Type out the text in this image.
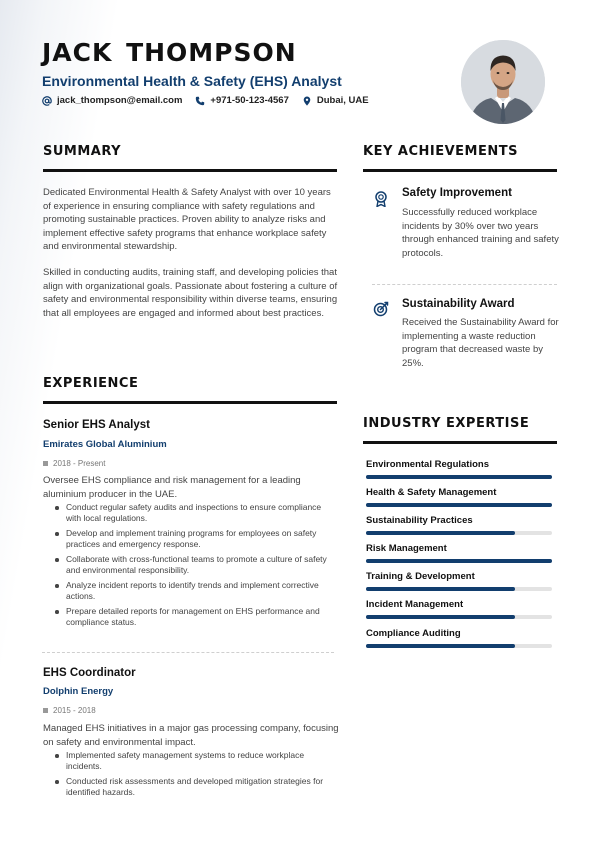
JACK THOMPSON
Environmental Health & Safety (EHS) Analyst
jack_thompson@email.com	+971-50-123-4567	Dubai, UAE
SUMMARY
Dedicated Environmental Health & Safety Analyst with over 10 years of experience in ensuring compliance with safety regulations and promoting sustainable practices. Proven ability to analyze risks and implement effective safety programs that enhance workplace safety and environmental stewardship.
Skilled in conducting audits, training staff, and developing policies that align with organizational goals. Passionate about fostering a culture of safety and environmental responsibility within diverse teams, ensuring that all employees are engaged and informed about best practices.
EXPERIENCE
Senior EHS Analyst
Emirates Global Aluminium
2018 - Present
Oversee EHS compliance and risk management for a leading aluminium producer in the UAE.
Conduct regular safety audits and inspections to ensure compliance with local regulations.
Develop and implement training programs for employees on safety practices and emergency response.
Collaborate with cross-functional teams to promote a culture of safety and environmental responsibility.
Analyze incident reports to identify trends and implement corrective actions.
Prepare detailed reports for management on EHS performance and compliance status.
EHS Coordinator
Dolphin Energy
2015 - 2018
Managed EHS initiatives in a major gas processing company, focusing on safety and environmental impact.
Implemented safety management systems to reduce workplace incidents.
Conducted risk assessments and developed mitigation strategies for identified hazards.
KEY ACHIEVEMENTS
Safety Improvement
Successfully reduced workplace incidents by 30% over two years through enhanced training and safety protocols.
Sustainability Award
Received the Sustainability Award for implementing a waste reduction program that decreased waste by 25%.
INDUSTRY EXPERTISE
Environmental Regulations
Health & Safety Management
Sustainability Practices
Risk Management
Training & Development
Incident Management
Compliance Auditing
